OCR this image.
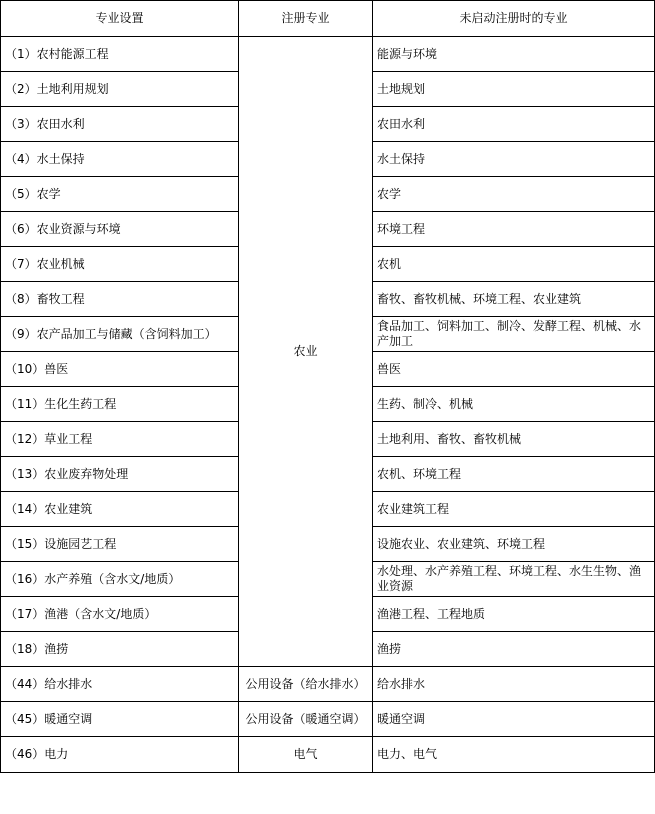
专业设置	注册专业	未启动注册时的专业
（1）农村能源工程	农业	能源与环境
（2）土地利用规划		土地规划
（3）农田水利		农田水利
（4）水土保持		水土保持
（5）农学		农学
（6）农业资源与环境		环境工程
（7）农业机械		农机
（8）畜牧工程		畜牧、畜牧机械、环境工程、农业建筑
（9）农产品加工与储藏（含饲料加工）		食品加工、饲料加工、制冷、发酵工程、机械、水产加工
（10）兽医		兽医
（11）生化生药工程		生药、制冷、机械
（12）草业工程		土地利用、畜牧、畜牧机械
（13）农业废弃物处理		农机、环境工程
（14）农业建筑		农业建筑工程
（15）设施园艺工程		设施农业、农业建筑、环境工程
（16）水产养殖（含水文/地质）		水处理、水产养殖工程、环境工程、水生生物、渔业资源
（17）渔港（含水文/地质）		渔港工程、工程地质
（18）渔捞		渔捞
（44）给水排水	公用设备（给水排水）	给水排水
（45）暖通空调	公用设备（暖通空调）	暖通空调
（46）电力	电气	电力、电气
